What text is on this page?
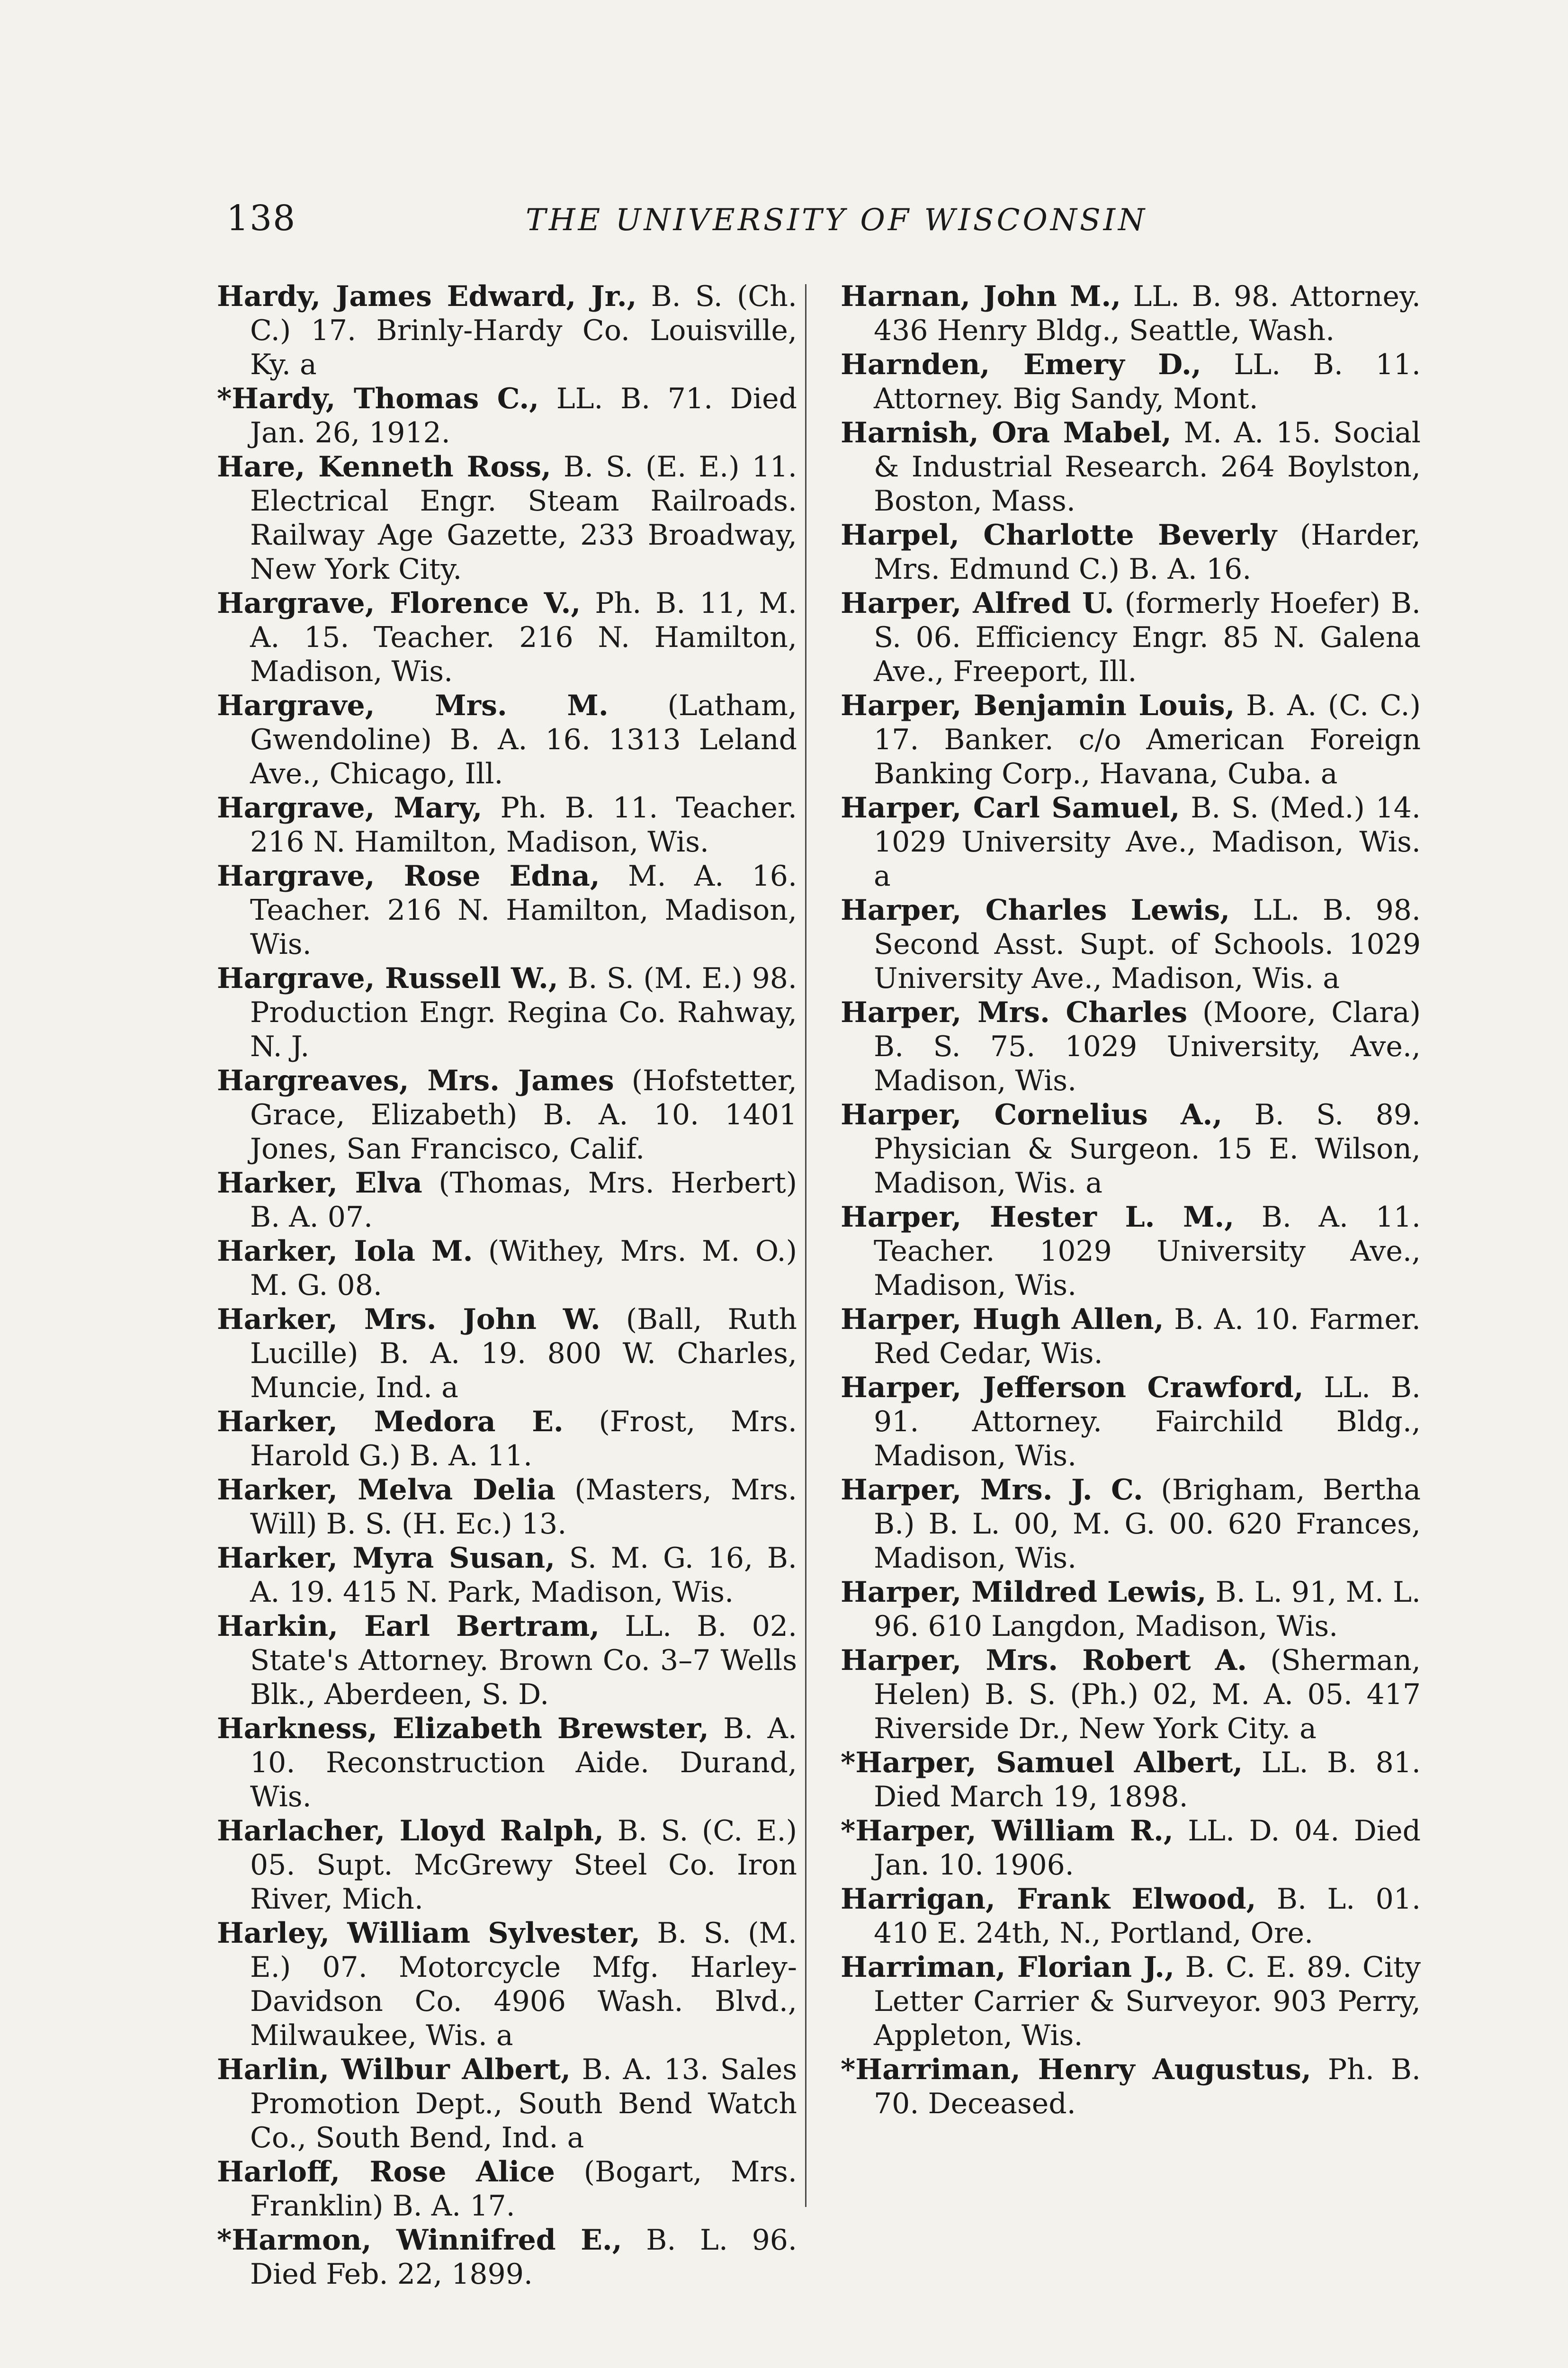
138	THE UNIVERSITY OF WISCONSIN

Hardy, James Edward, Jr., B. S. (Ch. C.) 17. Brinly-Hardy Co. Louisville, Ky. a

*Hardy, Thomas C., LL. B. 71. Died Jan. 26, 1912.

Hare, Kenneth Ross, B. S. (E. E.) 11. Electrical Engr. Steam Railroads. Railway Age Gazette, 233 Broadway, New York City.

Hargrave, Florence V., Ph. B. 11, M. A. 15. Teacher. 216 N. Hamilton, Madison, Wis.

Hargrave, Mrs. M. (Latham, Gwendoline) B. A. 16. 1313 Leland Ave., Chicago, Ill.

Hargrave, Mary, Ph. B. 11. Teacher. 216 N. Hamilton, Madison, Wis.

Hargrave, Rose Edna, M. A. 16. Teacher. 216 N. Hamilton, Madison, Wis.

Hargrave, Russell W., B. S. (M. E.) 98. Production Engr. Regina Co. Rahway, N. J.

Hargreaves, Mrs. James (Hofstetter, Grace, Elizabeth) B. A. 10. 1401 Jones, San Francisco, Calif.

Harker, Elva (Thomas, Mrs. Herbert) B. A. 07.

Harker, Iola M. (Withey, Mrs. M. O.) M. G. 08.

Harker, Mrs. John W. (Ball, Ruth Lucille) B. A. 19. 800 W. Charles, Muncie, Ind. a

Harker, Medora E. (Frost, Mrs. Harold G.) B. A. 11.

Harker, Melva Delia (Masters, Mrs. Will) B. S. (H. Ec.) 13.

Harker, Myra Susan, S. M. G. 16, B. A. 19. 415 N. Park, Madison, Wis.

Harkin, Earl Bertram, LL. B. 02. State's Attorney. Brown Co. 3–7 Wells Blk., Aberdeen, S. D.

Harkness, Elizabeth Brewster, B. A. 10. Reconstruction Aide. Durand, Wis.

Harlacher, Lloyd Ralph, B. S. (C. E.) 05. Supt. McGrewy Steel Co. Iron River, Mich.

Harley, William Sylvester, B. S. (M. E.) 07. Motorcycle Mfg. Harley-Davidson Co. 4906 Wash. Blvd., Milwaukee, Wis. a

Harlin, Wilbur Albert, B. A. 13. Sales Promotion Dept., South Bend Watch Co., South Bend, Ind. a

Harloff, Rose Alice (Bogart, Mrs. Franklin) B. A. 17.

*Harmon, Winnifred E., B. L. 96. Died Feb. 22, 1899.

Harnan, John M., LL. B. 98. Attorney. 436 Henry Bldg., Seattle, Wash.

Harnden, Emery D., LL. B. 11. Attorney. Big Sandy, Mont.

Harnish, Ora Mabel, M. A. 15. Social & Industrial Research. 264 Boylston, Boston, Mass.

Harpel, Charlotte Beverly (Harder, Mrs. Edmund C.) B. A. 16.

Harper, Alfred U. (formerly Hoefer) B. S. 06. Efficiency Engr. 85 N. Galena Ave., Freeport, Ill.

Harper, Benjamin Louis, B. A. (C. C.) 17. Banker. c/o American Foreign Banking Corp., Havana, Cuba. a

Harper, Carl Samuel, B. S. (Med.) 14. 1029 University Ave., Madison, Wis. a

Harper, Charles Lewis, LL. B. 98. Second Asst. Supt. of Schools. 1029 University Ave., Madison, Wis. a

Harper, Mrs. Charles (Moore, Clara) B. S. 75. 1029 University, Ave., Madison, Wis.

Harper, Cornelius A., B. S. 89. Physician & Surgeon. 15 E. Wilson, Madison, Wis. a

Harper, Hester L. M., B. A. 11. Teacher. 1029 University Ave., Madison, Wis.

Harper, Hugh Allen, B. A. 10. Farmer. Red Cedar, Wis.

Harper, Jefferson Crawford, LL. B. 91. Attorney. Fairchild Bldg., Madison, Wis.

Harper, Mrs. J. C. (Brigham, Bertha B.) B. L. 00, M. G. 00. 620 Frances, Madison, Wis.

Harper, Mildred Lewis, B. L. 91, M. L. 96. 610 Langdon, Madison, Wis.

Harper, Mrs. Robert A. (Sherman, Helen) B. S. (Ph.) 02, M. A. 05. 417 Riverside Dr., New York City. a

*Harper, Samuel Albert, LL. B. 81. Died March 19, 1898.

*Harper, William R., LL. D. 04. Died Jan. 10. 1906.

Harrigan, Frank Elwood, B. L. 01. 410 E. 24th, N., Portland, Ore.

Harriman, Florian J., B. C. E. 89. City Letter Carrier & Surveyor. 903 Perry, Appleton, Wis.

*Harriman, Henry Augustus, Ph. B. 70. Deceased.
